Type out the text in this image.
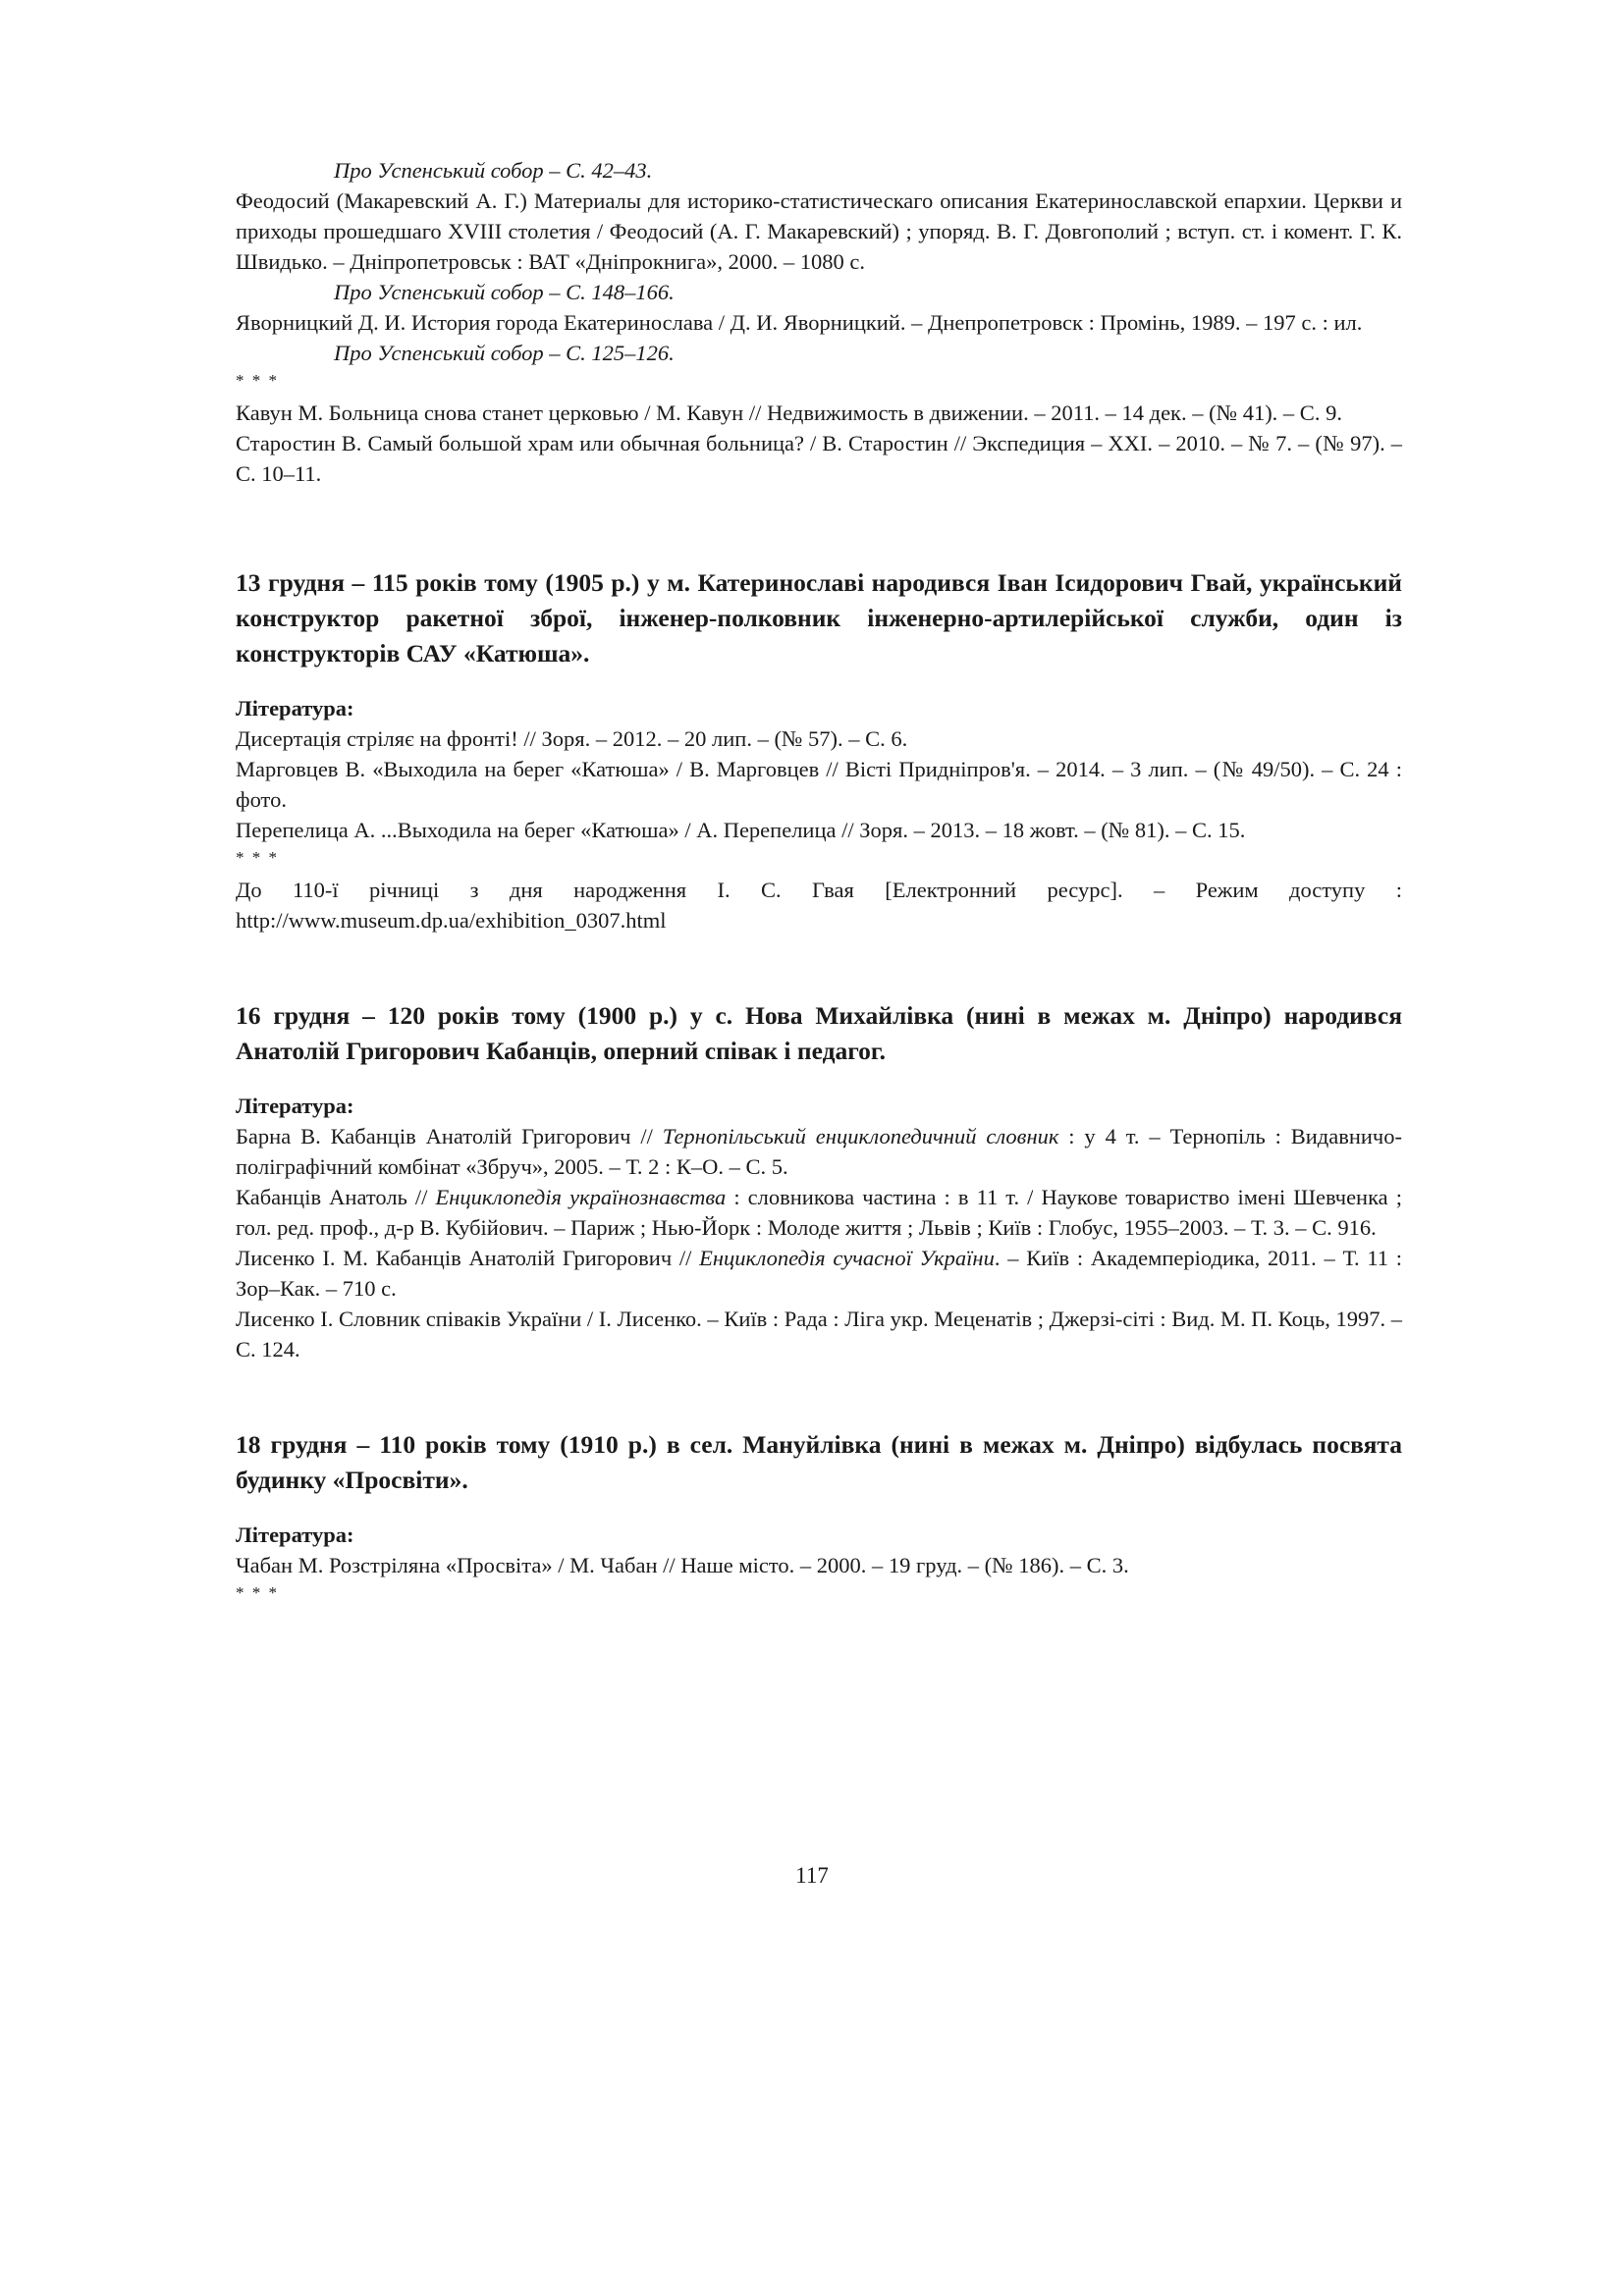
Про Успенський собор – С. 42–43.

Феодосий (Макаревский А. Г.) Материалы для историко-статистическаго описания Екатеринославской епархии. Церкви и приходы прошедшаго XVIII столетия / Феодосий (А. Г. Макаревский) ; упоряд. В. Г. Довгополий ; вступ. ст. і комент. Г. К. Швидько. – Дніпропетровськ : ВАТ «Дніпрокнига», 2000. – 1080 с.

Про Успенський собор – С. 148–166.

Яворницкий Д. И. История города Екатеринослава / Д. И. Яворницкий. – Днепропетровск : Промінь, 1989. – 197 с. : ил.

Про Успенський собор – С. 125–126.

* * *

Кавун М. Больница снова станет церковью / М. Кавун // Недвижимость в движении. – 2011. – 14 дек. – (№ 41). – С. 9.

Старостин В. Самый большой храм или обычная больница? / В. Старостин // Экспедиция – XXI. – 2010. – № 7. – (№ 97). – С. 10–11.

13 грудня – 115 років тому (1905 р.) у м. Катеринославі народився Іван Ісидорович Гвай, український конструктор ракетної зброї, інженер-полковник інженерно-артилерійської служби, один із конструкторів САУ «Катюша».

Література:

Дисертація стріляє на фронті! // Зоря. – 2012. – 20 лип. – (№ 57). – С. 6.

Марговцев В. «Выходила на берег «Катюша» / В. Марговцев // Вісті Придніпров'я. – 2014. – 3 лип. – (№ 49/50). – С. 24 : фото.

Перепелица А. ...Выходила на берег «Катюша» / А. Перепелица // Зоря. – 2013. – 18 жовт. – (№ 81). – С. 15.

* * *

До 110-ї річниці з дня народження І. С. Гвая [Електронний ресурс]. – Режим доступу : http://www.museum.dp.ua/exhibition_0307.html

16 грудня – 120 років тому (1900 р.) у с. Нова Михайлівка (нині в межах м. Дніпро) народився Анатолій Григорович Кабанців, оперний співак і педагог.

Література:

Барна В. Кабанців Анатолій Григорович // Тернопільський енциклопедичний словник : у 4 т. – Тернопіль : Видавничо-поліграфічний комбінат «Збруч», 2005. – Т. 2 : К–О. – С. 5.

Кабанців Анатоль // Енциклопедія українознавства : словникова частина : в 11 т. / Наукове товариство імені Шевченка ; гол. ред. проф., д-р В. Кубійович. – Париж ; Нью-Йорк : Молоде життя ; Львів ; Київ : Глобус, 1955–2003. – Т. 3. – С. 916.

Лисенко І. М. Кабанців Анатолій Григорович // Енциклопедія сучасної України. – Київ : Академперіодика, 2011. – Т. 11 : Зор–Как. – 710 с.

Лисенко І. Словник співаків України / І. Лисенко. – Київ : Рада : Ліга укр. Меценатів ; Джерзі-сіті : Вид. М. П. Коць, 1997. – С. 124.

18 грудня – 110 років тому (1910 р.) в сел. Мануйлівка (нині в межах м. Дніпро) відбулась посвята будинку «Просвіти».

Література:

Чабан М. Розстріляна «Просвіта» / М. Чабан // Наше місто. – 2000. – 19 груд. – (№ 186). – С. 3.

* * *

117
